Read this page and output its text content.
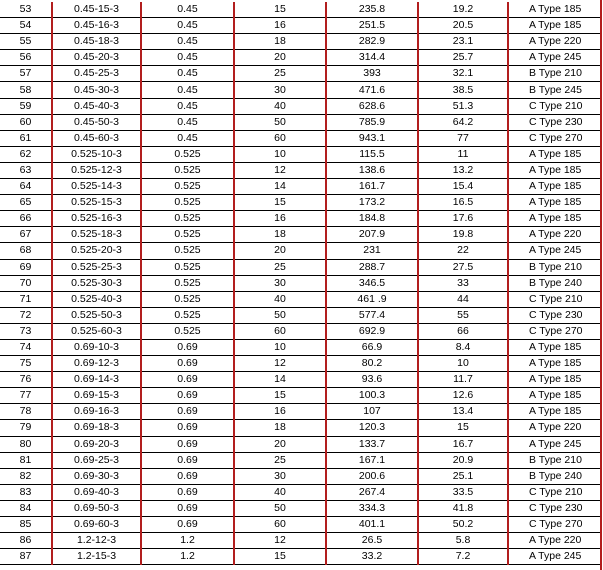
53	0.45-15-3	0.45	15	235.8	19.2	A Type 185
54	0.45-16-3	0.45	16	251.5	20.5	A Type 185
55	0.45-18-3	0.45	18	282.9	23.1	A Type 220
56	0.45-20-3	0.45	20	314.4	25.7	A Type 245
57	0.45-25-3	0.45	25	393	32.1	B Type 210
58	0.45-30-3	0.45	30	471.6	38.5	B Type 245
59	0.45-40-3	0.45	40	628.6	51.3	C Type 210
60	0.45-50-3	0.45	50	785.9	64.2	C Type 230
61	0.45-60-3	0.45	60	943.1	77	C Type 270
62	0.525-10-3	0.525	10	115.5	11	A Type 185
63	0.525-12-3	0.525	12	138.6	13.2	A Type 185
64	0.525-14-3	0.525	14	161.7	15.4	A Type 185
65	0.525-15-3	0.525	15	173.2	16.5	A Type 185
66	0.525-16-3	0.525	16	184.8	17.6	A Type 185
67	0.525-18-3	0.525	18	207.9	19.8	A Type 220
68	0.525-20-3	0.525	20	231	22	A Type 245
69	0.525-25-3	0.525	25	288.7	27.5	B Type 210
70	0.525-30-3	0.525	30	346.5	33	B Type 240
71	0.525-40-3	0.525	40	461 .9	44	C Type 210
72	0.525-50-3	0.525	50	577.4	55	C Type 230
73	0.525-60-3	0.525	60	692.9	66	C Type 270
74	0.69-10-3	0.69	10	66.9	8.4	A Type 185
75	0.69-12-3	0.69	12	80.2	10	A Type 185
76	0.69-14-3	0.69	14	93.6	11.7	A Type 185
77	0.69-15-3	0.69	15	100.3	12.6	A Type 185
78	0.69-16-3	0.69	16	107	13.4	A Type 185
79	0.69-18-3	0.69	18	120.3	15	A Type 220
80	0.69-20-3	0.69	20	133.7	16.7	A Type 245
81	0.69-25-3	0.69	25	167.1	20.9	B Type 210
82	0.69-30-3	0.69	30	200.6	25.1	B Type 240
83	0.69-40-3	0.69	40	267.4	33.5	C Type 210
84	0.69-50-3	0.69	50	334.3	41.8	C Type 230
85	0.69-60-3	0.69	60	401.1	50.2	C Type 270
86	1.2-12-3	1.2	12	26.5	5.8	A Type 220
87	1.2-15-3	1.2	15	33.2	7.2	A Type 245
